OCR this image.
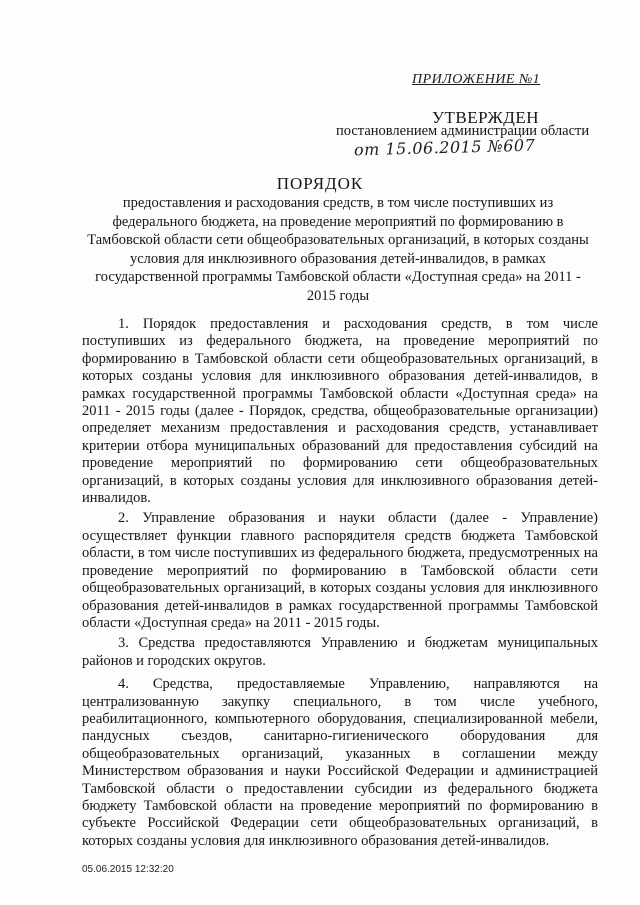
ПРИЛОЖЕНИЕ №1
УТВЕРЖДЕН
постановлением администрации области
от 15.06.2015 №607
ПОРЯДОК
предоставления и расходования средств, в том числе поступивших из федерального бюджета, на проведение мероприятий по формированию в Тамбовской области сети общеобразовательных организаций, в которых созданы условия для инклюзивного образования детей-инвалидов, в рамках государственной программы Тамбовской области «Доступная среда» на 2011 - 2015 годы

1. Порядок предоставления и расходования средств, в том числе поступивших из федерального бюджета, на проведение мероприятий по формированию в Тамбовской области сети общеобразовательных организаций, в которых созданы условия для инклюзивного образования детей-инвалидов, в рамках государственной программы Тамбовской области «Доступная среда» на 2011 - 2015 годы (далее - Порядок, средства, общеобразовательные организации) определяет механизм предоставления и расходования средств, устанавливает критерии отбора муниципальных образований для предоставления субсидий на проведение мероприятий по формированию сети общеобразовательных организаций, в которых созданы условия для инклюзивного образования детей-инвалидов.

2. Управление образования и науки области (далее - Управление) осуществляет функции главного распорядителя средств бюджета Тамбовской области, в том числе поступивших из федерального бюджета, предусмотренных на проведение мероприятий по формированию в Тамбовской области сети общеобразовательных организаций, в которых созданы условия для инклюзивного образования детей-инвалидов в рамках государственной программы Тамбовской области «Доступная среда» на 2011 - 2015 годы.

3. Средства предоставляются Управлению и бюджетам муниципальных районов и городских округов.

4. Средства, предоставляемые Управлению, направляются на централизованную закупку специального, в том числе учебного, реабилитационного, компьютерного оборудования, специализированной мебели, пандусных съездов, санитарно-гигиенического оборудования для общеобразовательных организаций, указанных в соглашении между Министерством образования и науки Российской Федерации и администрацией Тамбовской области о предоставлении субсидии из федерального бюджета бюджету Тамбовской области на проведение мероприятий по формированию в субъекте Российской Федерации сети общеобразовательных организаций, в которых созданы условия для инклюзивного образования детей-инвалидов.

05.06.2015 12:32:20
